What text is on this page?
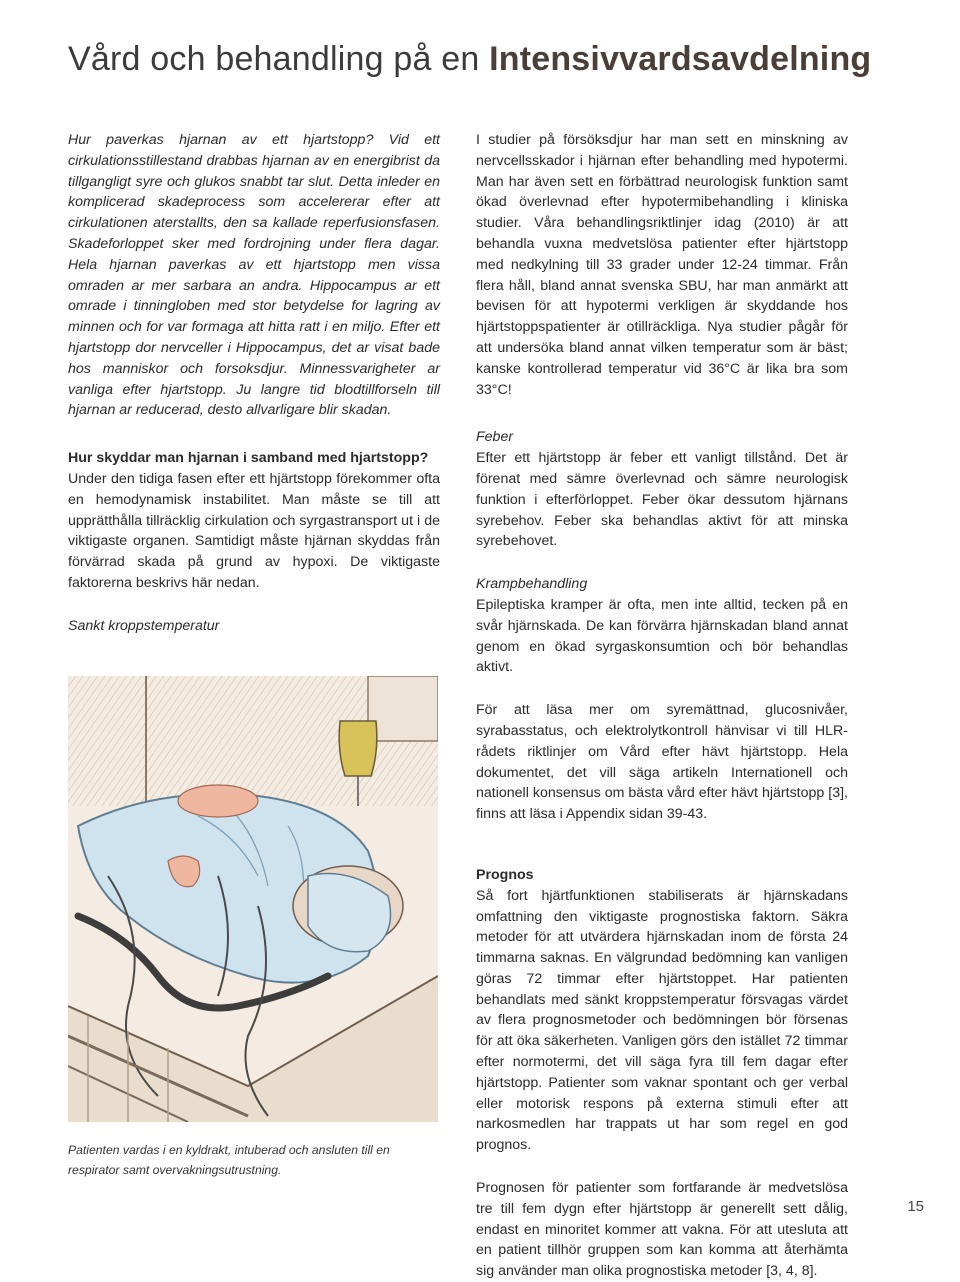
Vård och behandling på en Intensivvardsavdelning

Hur paverkas hjarnan av ett hjartstopp? Vid ett cirkulationsstillestand drabbas hjarnan av en energibrist da tillgangligt syre och glukos snabbt tar slut. Detta inleder en komplicerad skadeprocess som accelererar efter att cirkulationen aterstallts, den sa kallade reperfusionsfasen. Skadeforloppet sker med fordrojning under flera dagar. Hela hjarnan paverkas av ett hjartstopp men vissa omraden ar mer sarbara an andra. Hippocampus ar ett omrade i tinningloben med stor betydelse for lagring av minnen och for var formaga att hitta ratt i en miljo. Efter ett hjartstopp dor nervceller i Hippocampus, det ar visat bade hos manniskor och forsoksdjur. Minnessvarigheter ar vanliga efter hjartstopp. Ju langre tid blodtillforseln till hjarnan ar reducerad, desto allvarligare blir skadan.

Hur skyddar man hjarnan i samband med hjartstopp?

Under den tidiga fasen efter ett hjärtstopp förekommer ofta en hemodynamisk instabilitet. Man måste se till att upprätthålla tillräcklig cirkulation och syrgastransport ut i de viktigaste organen. Samtidigt måste hjärnan skyddas från förvärrad skada på grund av hypoxi. De viktigaste faktorerna beskrivs här nedan.

Sankt kroppstemperatur

Patienten vardas i en kyldrakt, intuberad och ansluten till en respirator samt overvakningsutrustning.

I studier på försöksdjur har man sett en minskning av nervcellsskador i hjärnan efter behandling med hypotermi. Man har även sett en förbättrad neurologisk funktion samt ökad överlevnad efter hypotermibehandling i kliniska studier. Våra behandlingsriktlinjer idag (2010) är att behandla vuxna medvetslösa patienter efter hjärtstopp med nedkylning till 33 grader under 12-24 timmar. Från flera håll, bland annat svenska SBU, har man anmärkt att bevisen för att hypotermi verkligen är skyddande hos hjärtstoppspatienter är otillräckliga. Nya studier pågår för att undersöka bland annat vilken temperatur som är bäst; kanske kontrollerad temperatur vid 36°C är lika bra som 33°C!

Feber

Efter ett hjärtstopp är feber ett vanligt tillstånd. Det är förenat med sämre överlevnad och sämre neurologisk funktion i efterförloppet. Feber ökar dessutom hjärnans syrebehov. Feber ska behandlas aktivt för att minska syrebehovet.

Krampbehandling

Epileptiska kramper är ofta, men inte alltid, tecken på en svår hjärnskada. De kan förvärra hjärnskadan bland annat genom en ökad syrgaskonsumtion och bör behandlas aktivt.

För att läsa mer om syremättnad, glucosnivåer, syrabasstatus, och elektrolytkontroll hänvisar vi till HLR-rådets riktlinjer om Vård efter hävt hjärtstopp. Hela dokumentet, det vill säga artikeln Internationell och nationell konsensus om bästa vård efter hävt hjärtstopp [3], finns att läsa i Appendix sidan 39-43.

Prognos

Så fort hjärtfunktionen stabiliserats är hjärnskadans omfattning den viktigaste prognostiska faktorn. Säkra metoder för att utvärdera hjärnskadan inom de första 24 timmarna saknas. En välgrundad bedömning kan vanligen göras 72 timmar efter hjärtstoppet. Har patienten behandlats med sänkt kroppstemperatur försvagas värdet av flera prognosmetoder och bedömningen bör försenas för att öka säkerheten. Vanligen görs den istället 72 timmar efter normotermi, det vill säga fyra till fem dagar efter hjärtstopp. Patienter som vaknar spontant och ger verbal eller motorisk respons på externa stimuli efter att narkosmedlen har trappats ut har som regel en god prognos.

Prognosen för patienter som fortfarande är medvetslösa tre till fem dygn efter hjärtstopp är generellt sett dålig, endast en minoritet kommer att vakna. För att utesluta att en patient tillhör gruppen som kan komma att återhämta sig använder man olika prognostiska metoder [3, 4, 8].

15
